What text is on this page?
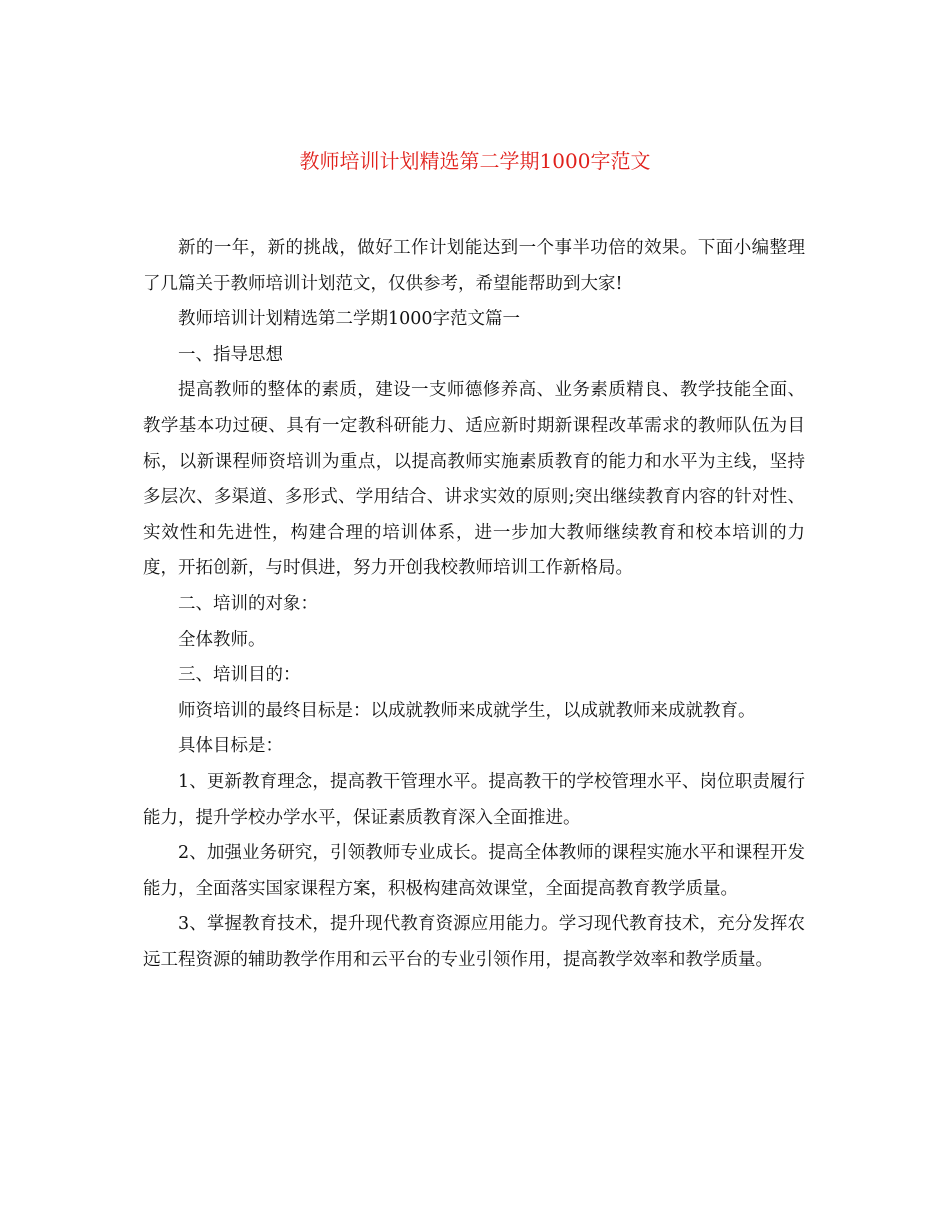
教师培训计划精选第二学期1000字范文

新的一年，新的挑战，做好工作计划能达到一个事半功倍的效果。下面小编整理了几篇关于教师培训计划范文，仅供参考，希望能帮助到大家!

教师培训计划精选第二学期1000字范文篇一

一、指导思想

提高教师的整体的素质，建设一支师德修养高、业务素质精良、教学技能全面、教学基本功过硬、具有一定教科研能力、适应新时期新课程改革需求的教师队伍为目标，以新课程师资培训为重点，以提高教师实施素质教育的能力和水平为主线，坚持多层次、多渠道、多形式、学用结合、讲求实效的原则;突出继续教育内容的针对性、实效性和先进性，构建合理的培训体系，进一步加大教师继续教育和校本培训的力度，开拓创新，与时俱进，努力开创我校教师培训工作新格局。

二、培训的对象：

全体教师。

三、培训目的：

师资培训的最终目标是：以成就教师来成就学生，以成就教师来成就教育。

具体目标是：

1、更新教育理念，提高教干管理水平。提高教干的学校管理水平、岗位职责履行能力，提升学校办学水平，保证素质教育深入全面推进。

2、加强业务研究，引领教师专业成长。提高全体教师的课程实施水平和课程开发能力，全面落实国家课程方案，积极构建高效课堂，全面提高教育教学质量。

3、掌握教育技术，提升现代教育资源应用能力。学习现代教育技术，充分发挥农远工程资源的辅助教学作用和云平台的专业引领作用，提高教学效率和教学质量。
